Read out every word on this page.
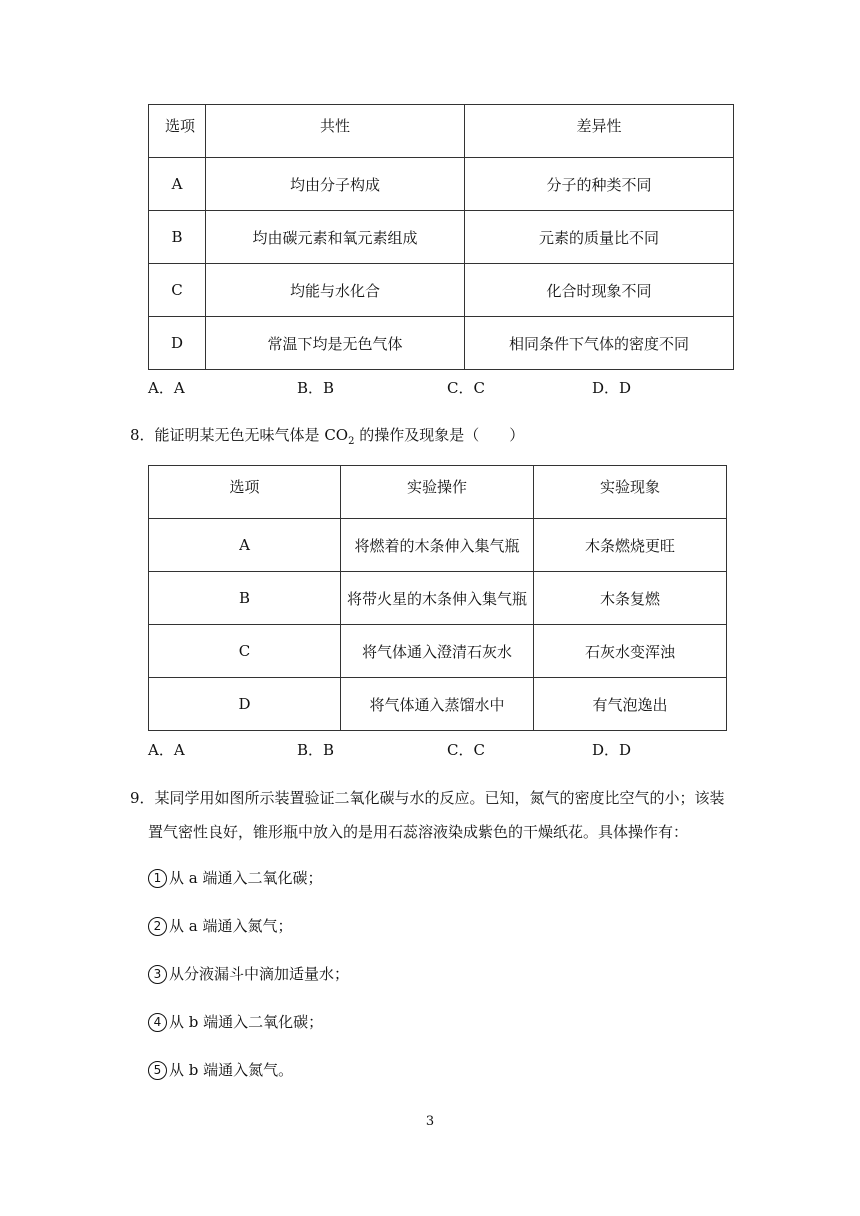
选项	共性	差异性
A	均由分子构成	分子的种类不同
B	均由碳元素和氧元素组成	元素的质量比不同
C	均能与水化合	化合时现象不同
D	常温下均是无色气体	相同条件下气体的密度不同
A．A	B．B	C．C	D．D
8．能证明某无色无味气体是 $CO_2$ 的操作及现象是（　　）
选项	实验操作	实验现象
A	将燃着的木条伸入集气瓶	木条燃烧更旺
B	将带火星的木条伸入集气瓶	木条复燃
C	将气体通入澄清石灰水	石灰水变浑浊
D	将气体通入蒸馏水中	有气泡逸出
A．A	B．B	C．C	D．D
9．某同学用如图所示装置验证二氧化碳与水的反应。已知，氮气的密度比空气的小；该装
置气密性良好，锥形瓶中放入的是用石蕊溶液染成紫色的干燥纸花。具体操作有：
1 从 a 端通入二氧化碳；
2 从 a 端通入氮气；
3 从分液漏斗中滴加适量水；
4 从 b 端通入二氧化碳；
5 从 b 端通入氮气。
3
